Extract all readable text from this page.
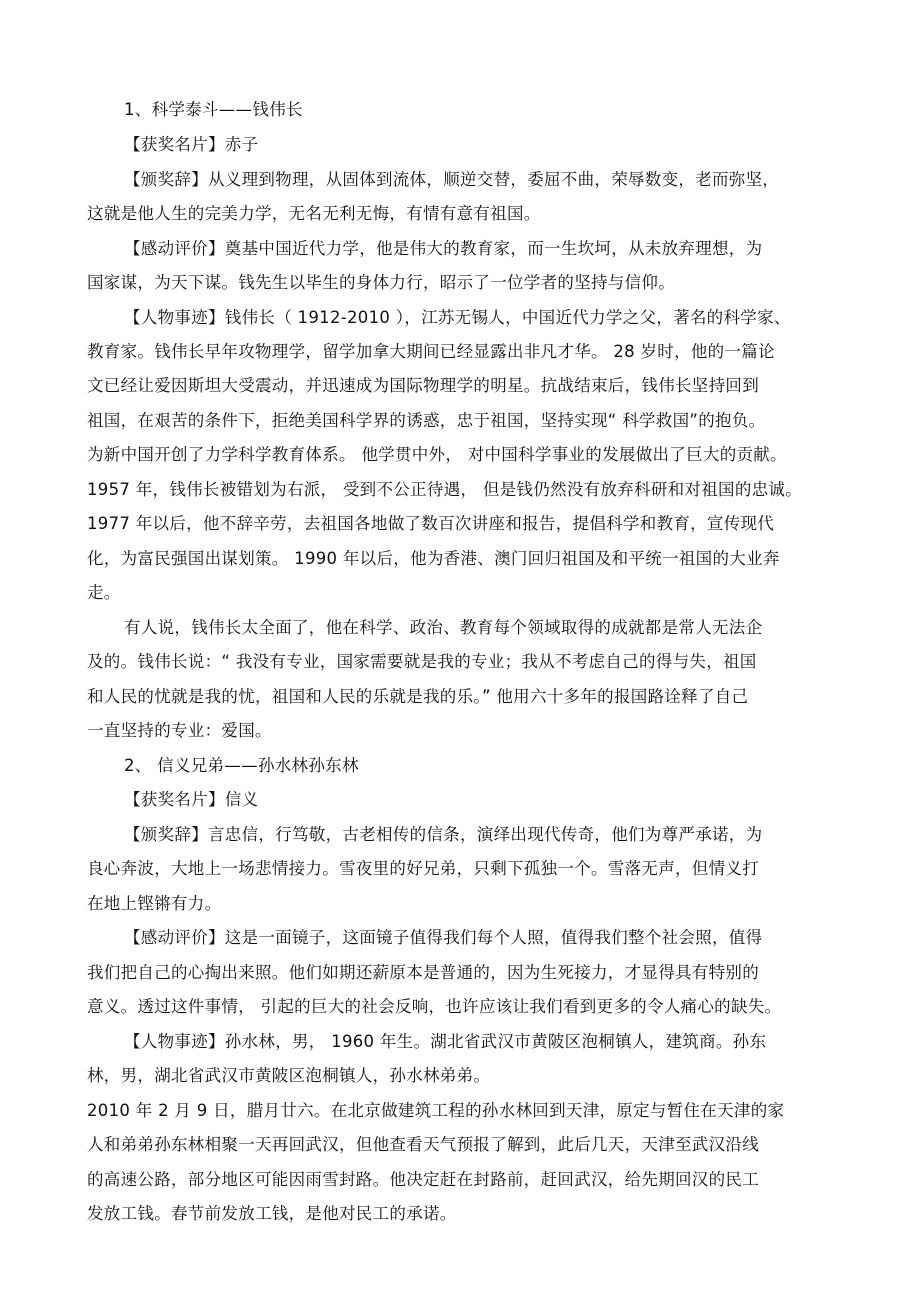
1、科学泰斗——钱伟长
【获奖名片】赤子
【颁奖辞】从义理到物理，从固体到流体，顺逆交替，委屈不曲，荣辱数变，老而弥坚，
这就是他人生的完美力学，无名无利无悔，有情有意有祖国。
【感动评价】奠基中国近代力学，他是伟大的教育家，而一生坎坷，从未放弃理想，为
国家谋，为天下谋。钱先生以毕生的身体力行，昭示了一位学者的坚持与信仰。
【人物事迹】钱伟长（ 1912-2010 ），江苏无锡人，中国近代力学之父，著名的科学家、
教育家。钱伟长早年攻物理学，留学加拿大期间已经显露出非凡才华。 28 岁时，他的一篇论
文已经让爱因斯坦大受震动，并迅速成为国际物理学的明星。抗战结束后，钱伟长坚持回到
祖国，在艰苦的条件下，拒绝美国科学界的诱惑，忠于祖国，坚持实现“ 科学救国”的抱负。
为新中国开创了力学科学教育体系。 他学贯中外， 对中国科学事业的发展做出了巨大的贡献。
1957 年，钱伟长被错划为右派， 受到不公正待遇， 但是钱仍然没有放弃科研和对祖国的忠诚。
1977 年以后，他不辞辛劳，去祖国各地做了数百次讲座和报告，提倡科学和教育，宣传现代
化，为富民强国出谋划策。 1990 年以后，他为香港、澳门回归祖国及和平统一祖国的大业奔
走。
有人说，钱伟长太全面了，他在科学、政治、教育每个领域取得的成就都是常人无法企
及的。钱伟长说：“ 我没有专业，国家需要就是我的专业；我从不考虑自己的得与失，祖国
和人民的忧就是我的忧，祖国和人民的乐就是我的乐。” 他用六十多年的报国路诠释了自己
一直坚持的专业：爱国。
2、 信义兄弟——孙水林孙东林
【获奖名片】信义
【颁奖辞】言忠信，行笃敬，古老相传的信条，演绎出现代传奇，他们为尊严承诺，为
良心奔波，大地上一场悲情接力。雪夜里的好兄弟，只剩下孤独一个。雪落无声，但情义打
在地上铿锵有力。
【感动评价】这是一面镜子，这面镜子值得我们每个人照，值得我们整个社会照，值得
我们把自己的心掏出来照。他们如期还薪原本是普通的，因为生死接力，才显得具有特别的
意义。透过这件事情， 引起的巨大的社会反响，也许应该让我们看到更多的令人痛心的缺失。
【人物事迹】孙水林，男， 1960 年生。湖北省武汉市黄陂区泡桐镇人，建筑商。孙东
林，男，湖北省武汉市黄陂区泡桐镇人，孙水林弟弟。
2010 年 2 月 9 日，腊月廿六。在北京做建筑工程的孙水林回到天津，原定与暂住在天津的家
人和弟弟孙东林相聚一天再回武汉，但他查看天气预报了解到，此后几天，天津至武汉沿线
的高速公路，部分地区可能因雨雪封路。他决定赶在封路前，赶回武汉，给先期回汉的民工
发放工钱。春节前发放工钱，是他对民工的承诺。
